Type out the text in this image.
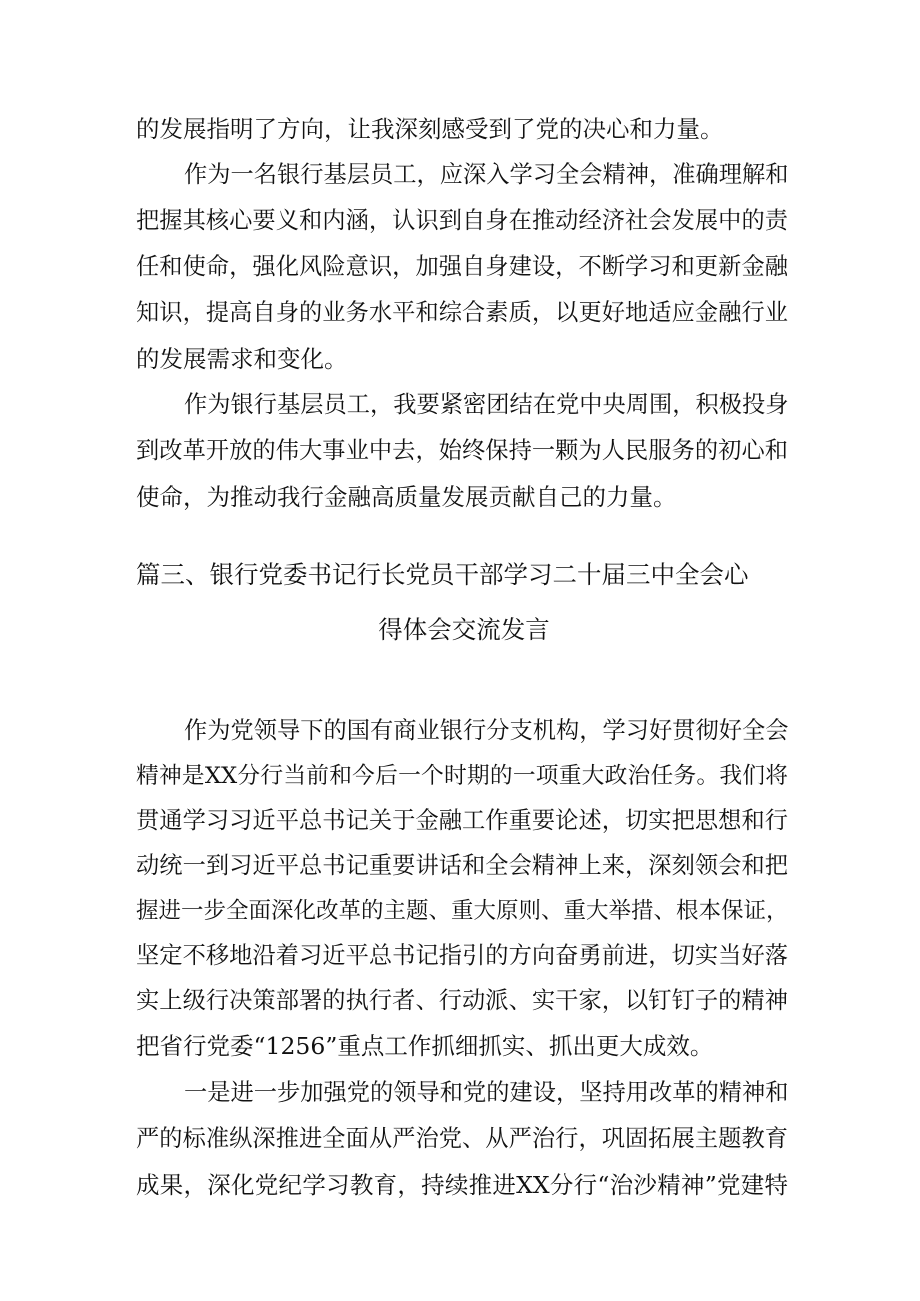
的发展指明了方向，让我深刻感受到了党的决心和力量。
作为一名银行基层员工，应深入学习全会精神，准确理解和
把握其核心要义和内涵，认识到自身在推动经济社会发展中的责
任和使命，强化风险意识，加强自身建设，不断学习和更新金融
知识，提高自身的业务水平和综合素质，以更好地适应金融行业
的发展需求和变化。
作为银行基层员工，我要紧密团结在党中央周围，积极投身
到改革开放的伟大事业中去，始终保持一颗为人民服务的初心和
使命，为推动我行金融高质量发展贡献自己的力量。
篇三、银行党委书记行长党员干部学习二十届三中全会心
得体会交流发言
作为党领导下的国有商业银行分支机构，学习好贯彻好全会
精神是XX分行当前和今后一个时期的一项重大政治任务。我们将
贯通学习习近平总书记关于金融工作重要论述，切实把思想和行
动统一到习近平总书记重要讲话和全会精神上来，深刻领会和把
握进一步全面深化改革的主题、重大原则、重大举措、根本保证，
坚定不移地沿着习近平总书记指引的方向奋勇前进，切实当好落
实上级行决策部署的执行者、行动派、实干家，以钉钉子的精神
把省行党委“1256”重点工作抓细抓实、抓出更大成效。
一是进一步加强党的领导和党的建设，坚持用改革的精神和
严的标准纵深推进全面从严治党、从严治行，巩固拓展主题教育
成果，深化党纪学习教育，持续推进XX分行“治沙精神”党建特
